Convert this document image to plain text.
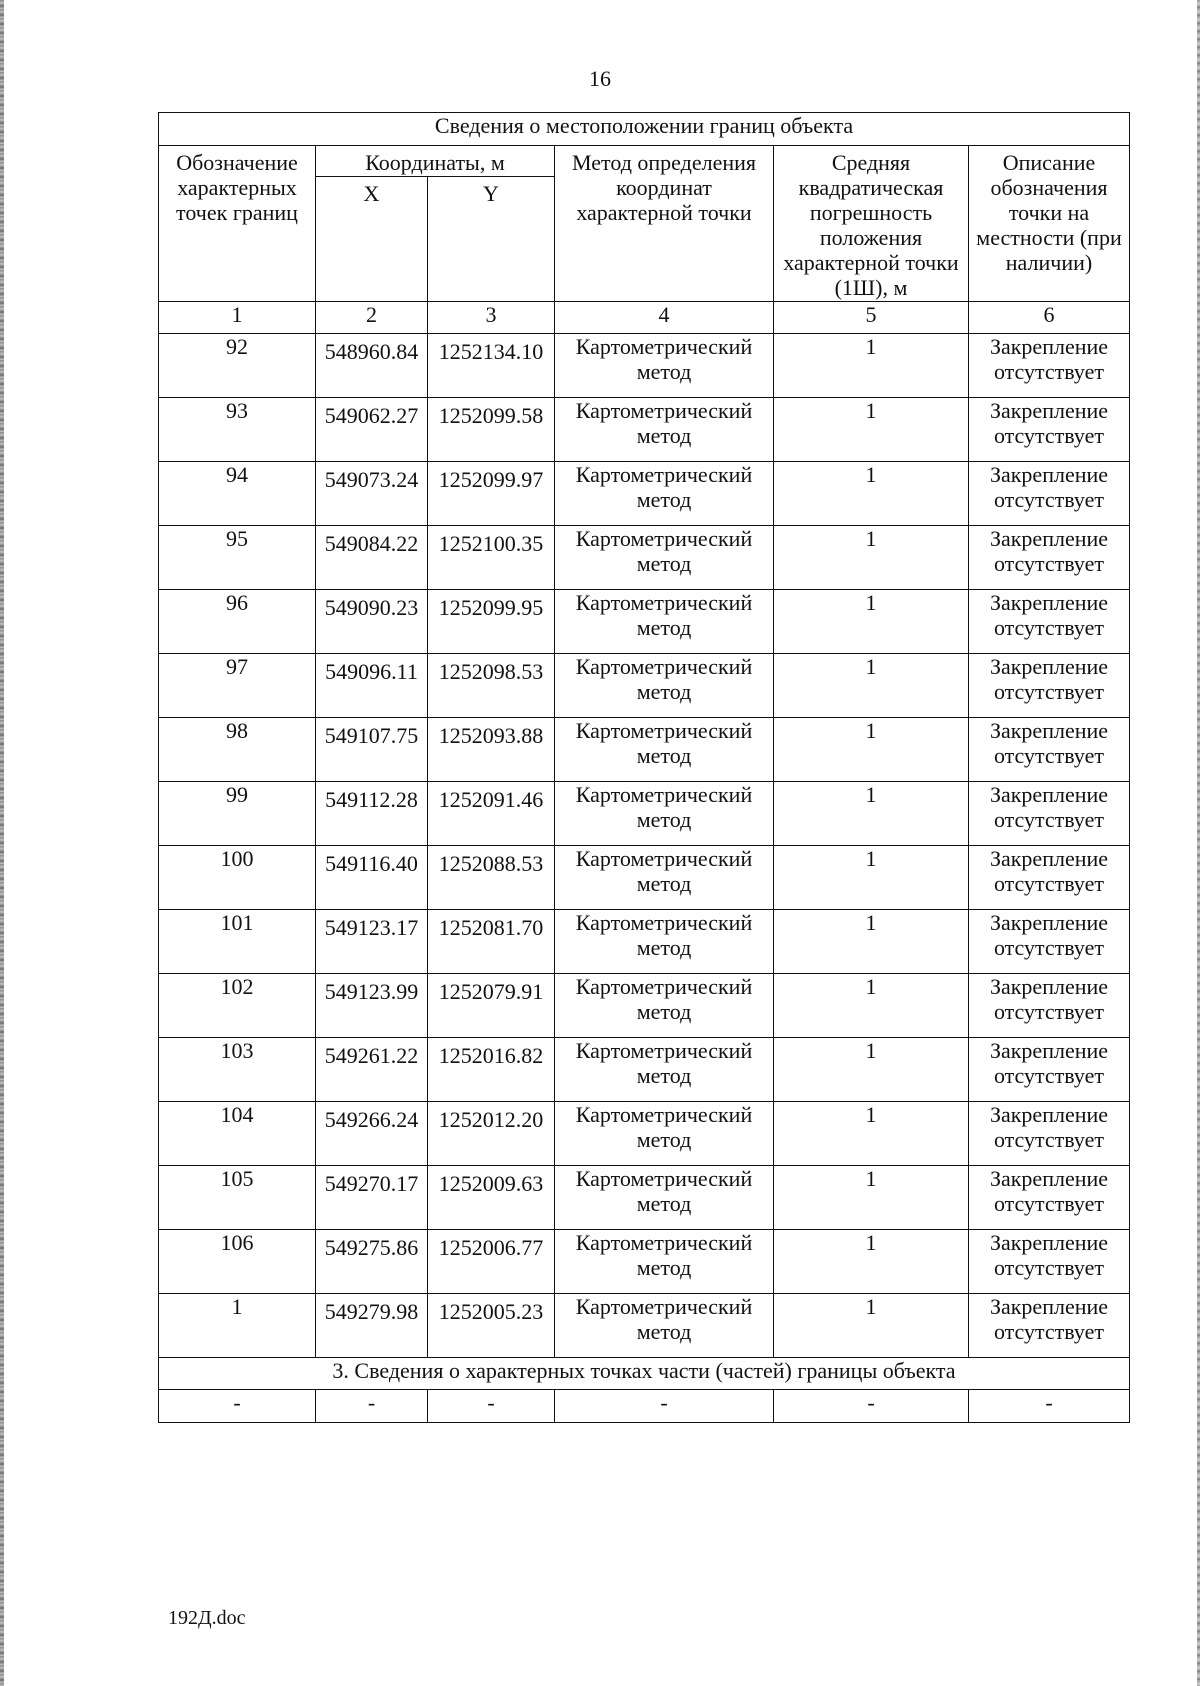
16
Сведения о местоположении границ объекта					
Обозначение характерных точек границ	Координаты, м		Метод определения координат характерной точки	Средняя квадратическая погрешность положения характерной точки (1Ш), м	Описание обозначения точки на местности (при наличии)
	X	Y			
1	2	3	4	5	6
92	548960.84	1252134.10	Картометрический метод	1	Закрепление отсутствует
93	549062.27	1252099.58	Картометрический метод	1	Закрепление отсутствует
94	549073.24	1252099.97	Картометрический метод	1	Закрепление отсутствует
95	549084.22	1252100.35	Картометрический метод	1	Закрепление отсутствует
96	549090.23	1252099.95	Картометрический метод	1	Закрепление отсутствует
97	549096.11	1252098.53	Картометрический метод	1	Закрепление отсутствует
98	549107.75	1252093.88	Картометрический метод	1	Закрепление отсутствует
99	549112.28	1252091.46	Картометрический метод	1	Закрепление отсутствует
100	549116.40	1252088.53	Картометрический метод	1	Закрепление отсутствует
101	549123.17	1252081.70	Картометрический метод	1	Закрепление отсутствует
102	549123.99	1252079.91	Картометрический метод	1	Закрепление отсутствует
103	549261.22	1252016.82	Картометрический метод	1	Закрепление отсутствует
104	549266.24	1252012.20	Картометрический метод	1	Закрепление отсутствует
105	549270.17	1252009.63	Картометрический метод	1	Закрепление отсутствует
106	549275.86	1252006.77	Картометрический метод	1	Закрепление отсутствует
1	549279.98	1252005.23	Картометрический метод	1	Закрепление отсутствует
3. Сведения о характерных точках части (частей) границы объекта					
-	-	-	-	-	-
192Д.doc
